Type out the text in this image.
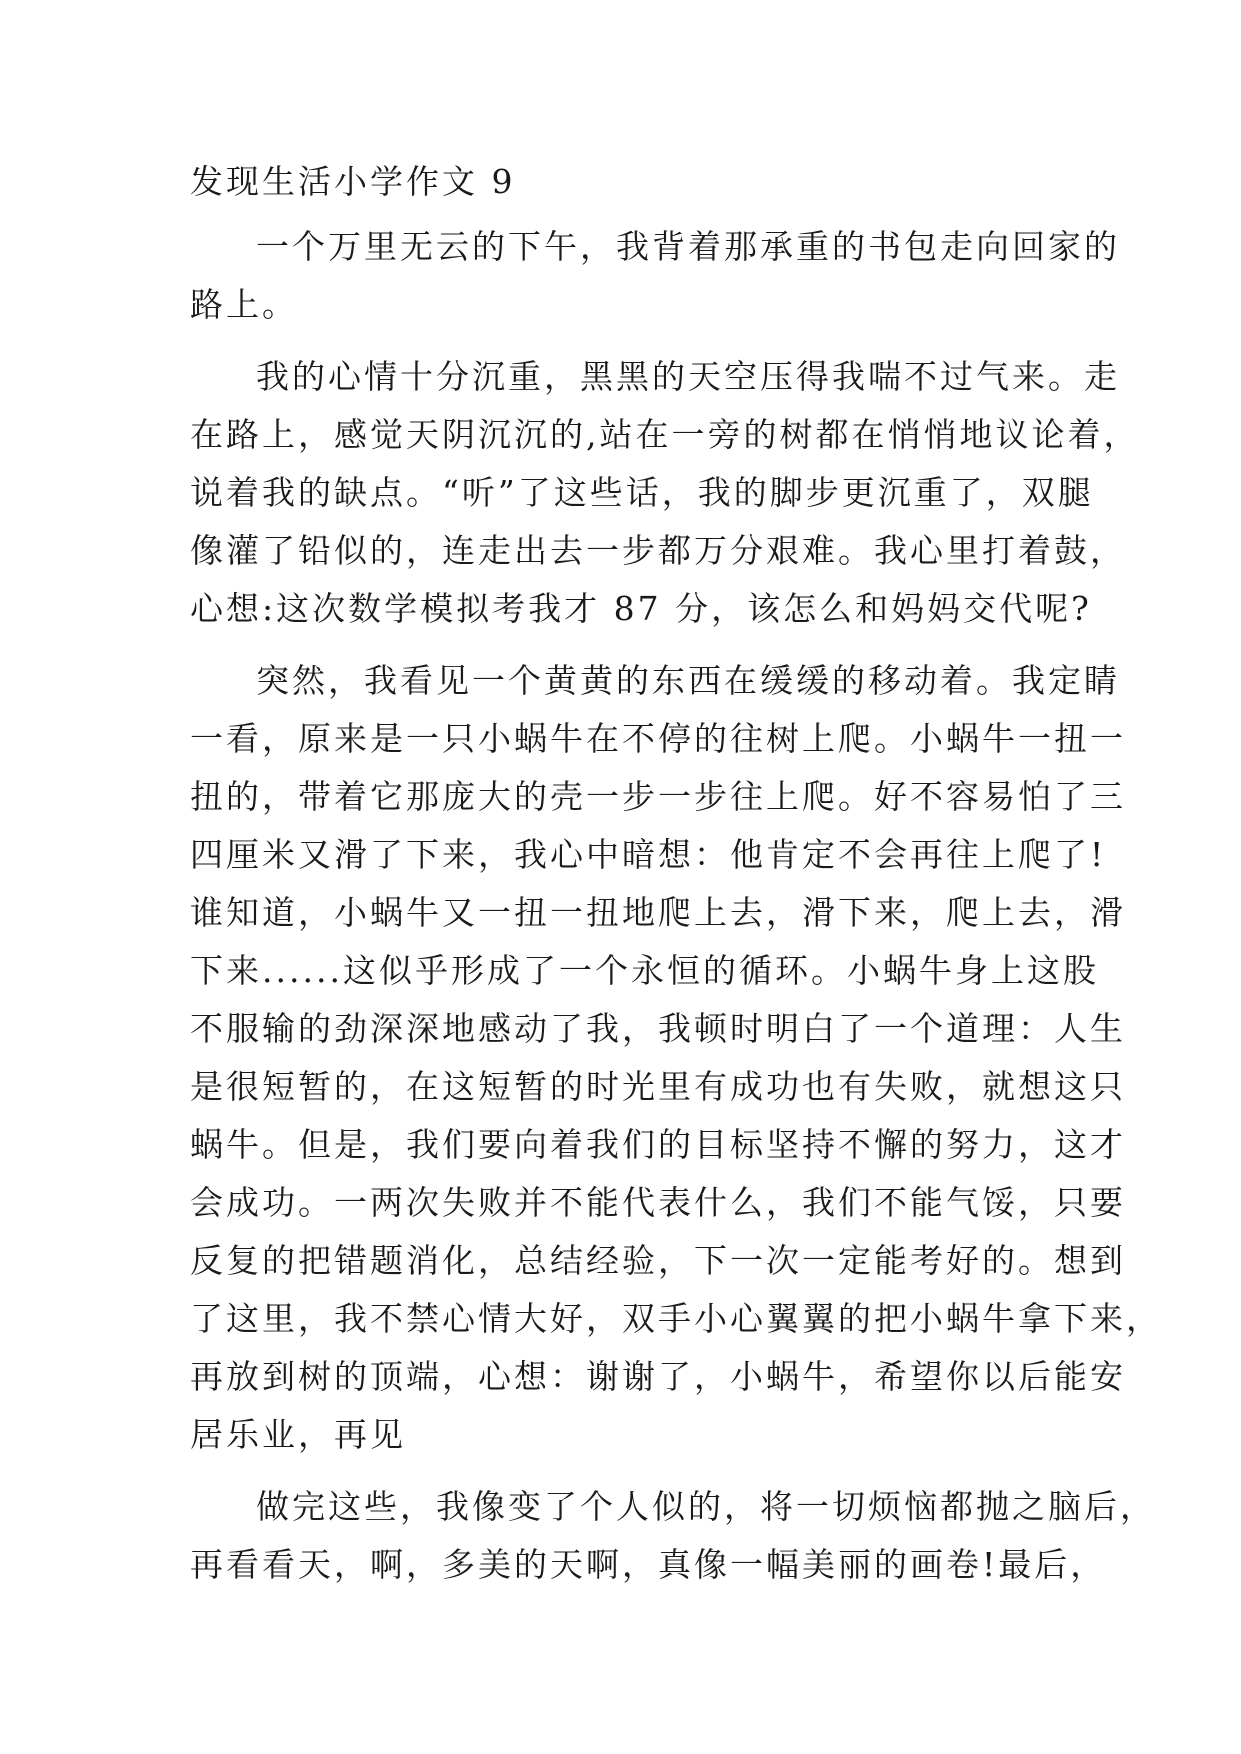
发现生活小学作文 9
一个万里无云的下午，我背着那承重的书包走向回家的
路上。
我的心情十分沉重，黑黑的天空压得我喘不过气来。走
在路上，感觉天阴沉沉的,站在一旁的树都在悄悄地议论着，
说着我的缺点。“听”了这些话，我的脚步更沉重了，双腿
像灌了铅似的，连走出去一步都万分艰难。我心里打着鼓，
心想:这次数学模拟考我才 87 分，该怎么和妈妈交代呢?
突然，我看见一个黄黄的东西在缓缓的移动着。我定睛
一看，原来是一只小蜗牛在不停的往树上爬。小蜗牛一扭一
扭的，带着它那庞大的壳一步一步往上爬。好不容易怕了三
四厘米又滑了下来，我心中暗想：他肯定不会再往上爬了!
谁知道，小蜗牛又一扭一扭地爬上去，滑下来，爬上去，滑
下来......这似乎形成了一个永恒的循环。小蜗牛身上这股
不服输的劲深深地感动了我，我顿时明白了一个道理：人生
是很短暂的，在这短暂的时光里有成功也有失败，就想这只
蜗牛。但是，我们要向着我们的目标坚持不懈的努力，这才
会成功。一两次失败并不能代表什么，我们不能气馁，只要
反复的把错题消化，总结经验，下一次一定能考好的。想到
了这里，我不禁心情大好，双手小心翼翼的把小蜗牛拿下来，
再放到树的顶端，心想：谢谢了，小蜗牛，希望你以后能安
居乐业，再见
做完这些，我像变了个人似的，将一切烦恼都抛之脑后，
再看看天，啊，多美的天啊，真像一幅美丽的画卷!最后，
